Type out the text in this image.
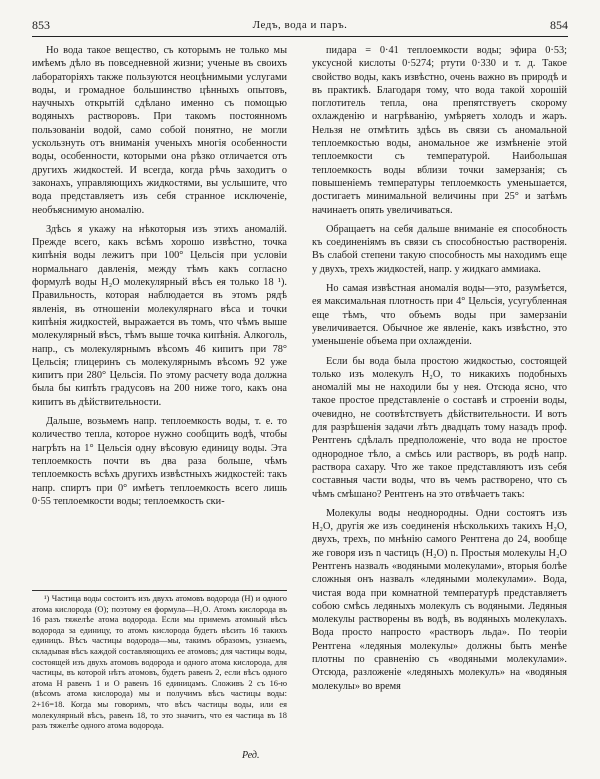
853	Ледъ, вода и паръ.	854

Но вода такое вещество, съ которымъ не только мы имѣемъ дѣло въ повседневной жизни; ученые въ своихъ лабораторіяхъ также пользуются неоцѣнимыми услугами воды, и громадное большинство цѣнныхъ опытовъ, научныхъ открытій сдѣлано именно съ помощью водяныхъ растворовъ. При такомъ постоянномъ пользованіи водой, само собой понятно, не могли ускользнуть отъ вниманія ученыхъ многія особенности воды, особенности, которыми она рѣзко отличается отъ другихъ жидкостей. И всегда, когда рѣчь заходитъ о законахъ, управляющихъ жидкостями, вы услышите, что вода представляетъ изъ себя странное исключеніе, необъяснимую аномалію.

Здѣсь я укажу на нѣкоторыя изъ этихъ аномалій. Прежде всего, какъ всѣмъ хорошо извѣстно, точка кипѣнія воды лежитъ при 100° Цельсія при условіи нормальнаго давленія, между тѣмъ какъ согласно формулѣ воды H₂O молекулярный вѣсъ ея только 18 ¹). Правильность, которая наблюдается въ этомъ рядѣ явленія, въ отношеніи молекулярнаго вѣса и точки кипѣнія жидкостей, выражается въ томъ, что чѣмъ выше молекулярный вѣсъ, тѣмъ выше точка кипѣнія. Алкоголь, напр., съ молекулярнымъ вѣсомъ 46 кипитъ при 78° Цельсія; глицеринъ съ молекулярнымъ вѣсомъ 92 уже кипитъ при 280° Цельсія. По этому расчету вода должна была бы кипѣть градусовъ на 200 ниже того, какъ она кипитъ въ дѣйствительности.

Дальше, возьмемъ напр. теплоемкость воды, т. е. то количество тепла, которое нужно сообщить водѣ, чтобы нагрѣть на 1° Цельсія одну вѣсовую единицу воды. Эта теплоемкость почти въ два раза больше, чѣмъ теплоемкость всѣхъ другихъ извѣстныхъ жидкостей: такъ напр. спиртъ при 0° имѣетъ теплоемкость всего лишь 0·55 теплоемкости воды; теплоемкость ски-

¹) Частица воды состоитъ изъ двухъ атомовъ водорода (H) и одного атома кислорода (O); поэтому ея формула—H₂O. Атомъ кислорода въ 16 разъ тяжелѣе атома водорода. Если мы примемъ атомный вѣсъ водорода за единицу, то атомъ кислорода будетъ вѣсить 16 такихъ единицъ. Вѣсъ частицы водорода—мы, такимъ образомъ, узнаемъ, складывая вѣсъ каждой составляющихъ ее атомовъ; для частицы воды, состоящей изъ двухъ атомовъ водорода и одного атома кислорода, для частицы, въ которой нѣтъ атомовъ, будетъ равенъ 2, если вѣсъ одного атома H равенъ 1 и O равенъ 16 единицамъ. Сложивъ 2 съ 16-ю (вѣсомъ атома кислорода) мы и получимъ вѣсъ частицы воды: 2+16=18. Когда мы говоримъ, что вѣсъ частицы воды, или ея молекулярный вѣсъ, равенъ 18, то это значитъ, что ея частица въ 18 разъ тяжелѣе одного атома водорода.

Ред.

пидара = 0·41 теплоемкости воды; эфира 0·53; уксусной кислоты 0·5274; ртути 0·330 и т. д. Такое свойство воды, какъ извѣстно, очень важно въ природѣ и въ практикѣ. Благодаря тому, что вода такой хорошій поглотитель тепла, она препятствуетъ скорому охлажденію и нагрѣванію, умѣряетъ холодъ и жаръ. Нельзя не отмѣтить здѣсь въ связи съ аномальной теплоемкостью воды, аномальное же измѣненіе этой теплоемкости съ температурой. Наибольшая теплоемкость воды вблизи точки замерзанія; съ повышеніемъ температуры теплоемкость уменьшается, достигаетъ минимальной величины при 25° и затѣмъ начинаетъ опять увеличиваться.

Обращаетъ на себя дальше вниманіе ея способность къ соединеніямъ въ связи съ способностью растворенія. Въ слабой степени такую способность мы находимъ еще у двухъ, трехъ жидкостей, напр. у жидкаго аммиака.

Но самая извѣстная аномалія воды—это, разумѣется, ея максимальная плотность при 4° Цельсія, усугубленная еще тѣмъ, что объемъ воды при замерзаніи увеличивается. Обычное же явленіе, какъ извѣстно, это уменьшеніе объема при охлажденіи.

Если бы вода была простою жидкостью, состоящей только изъ молекулъ H₂O, то никакихъ подобныхъ аномалій мы не находили бы у нея. Отсюда ясно, что такое простое представленіе о составѣ и строеніи воды, очевидно, не соотвѣтствуетъ дѣйствительности. И вотъ для разрѣшенія задачи лѣтъ двадцать тому назадъ проф. Рентгенъ сдѣлалъ предположеніе, что вода не простое однородное тѣло, а смѣсь или растворъ, въ родѣ напр. раствора сахару. Что же такое представляютъ изъ себя составныя части воды, что въ чемъ растворено, что съ чѣмъ смѣшано? Рентгенъ на это отвѣчаетъ такъ:

Молекулы воды неоднородны. Одни состоятъ изъ H₂O, другія же изъ соединенія нѣсколькихъ такихъ H₂O, двухъ, трехъ, по мнѣнію самого Рентгена до 24, вообще же говоря изъ n частицъ (H₂O) n. Простыя молекулы H₂O Рентгенъ назвалъ «водяными молекулами», вторыя болѣе сложныя онъ назвалъ «ледяными молекулами». Вода, чистая вода при комнатной температурѣ представляетъ собою смѣсь ледяныхъ молекулъ съ водяными. Ледяныя молекулы растворены въ водѣ, въ водяныхъ молекулахъ. Вода просто напросто «растворъ льда». По теоріи Рентгена «ледяныя молекулы» должны быть менѣе плотны по сравненію съ «водяными молекулами». Отсюда, разложеніе «ледяныхъ молекулъ» на «водяныя молекулы» во время
